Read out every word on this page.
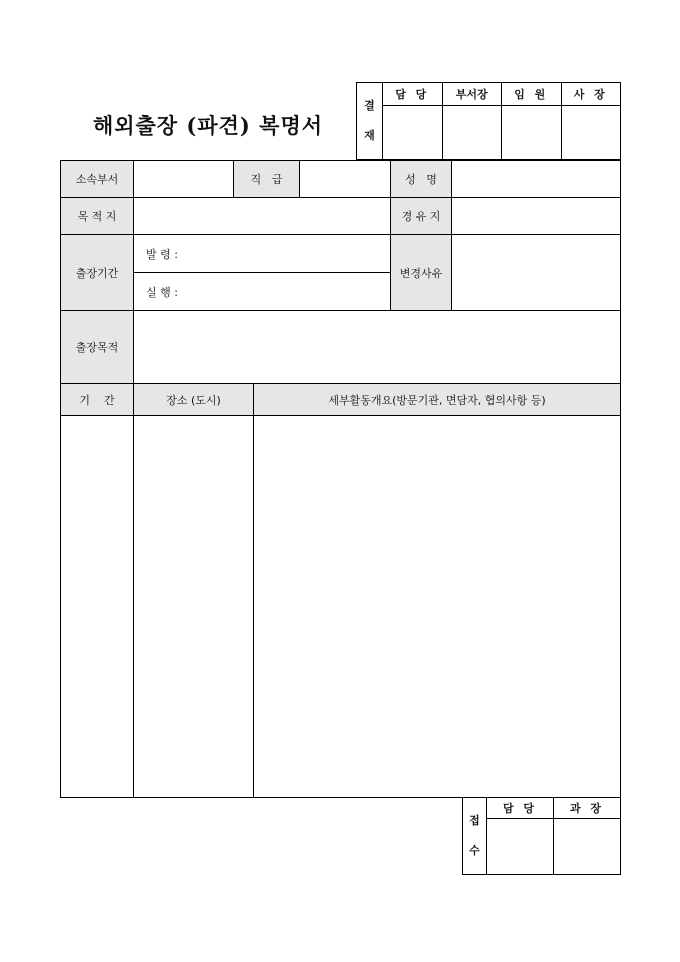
해외출장 (파견) 복명서
결
재	담 당	부서장	임 원	사 장

소속부서		직   급		성   명	
목 적 지				경 유 지	
출장기간	발 령 :
실 행 :			변경사유	
출장목적					
기    간	장소 (도시)	세부활동개요(방문기관, 면담자, 협의사항 등)

접
수	담 당	과 장
